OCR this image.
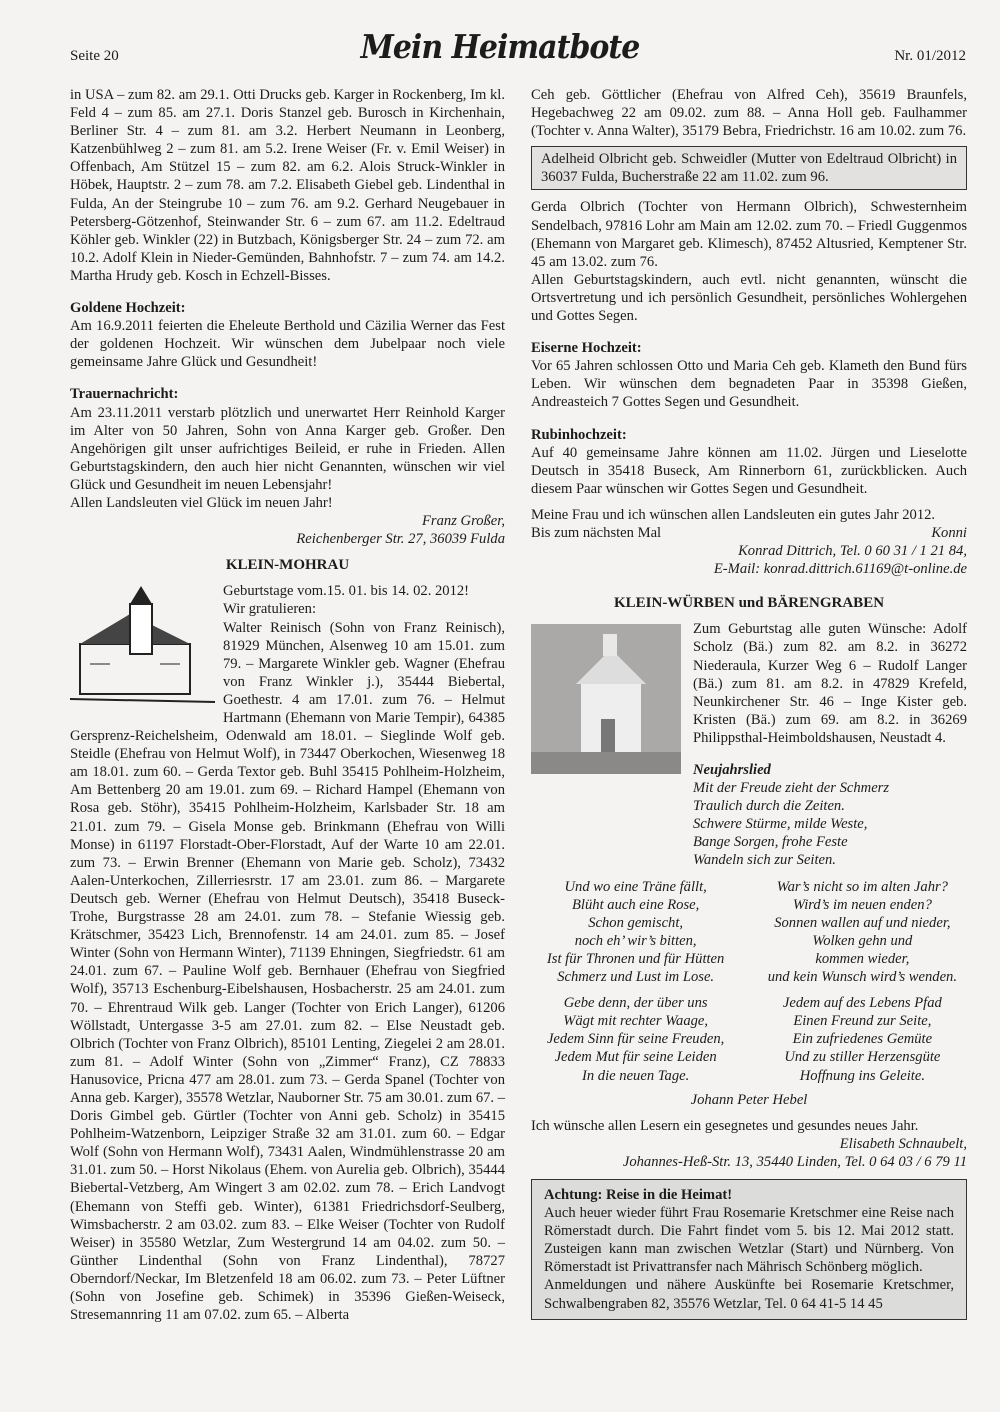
Seite 20	Mein Heimatbote	Nr. 01/2012

in USA – zum 82. am 29.1. Otti Drucks geb. Karger in Rockenberg, Im kl. Feld 4 – zum 85. am 27.1. Doris Stanzel geb. Burosch in Kirchenhain, Berliner Str. 4 – zum 81. am 3.2. Herbert Neumann in Leonberg, Katzenbühlweg 2 – zum 81. am 5.2. Irene Weiser (Fr. v. Emil Weiser) in Offenbach, Am Stützel 15 – zum 82. am 6.2. Alois Struck-Winkler in Höbek, Hauptstr. 2 – zum 78. am 7.2. Elisabeth Giebel geb. Lindenthal in Fulda, An der Steingrube 10 – zum 76. am 9.2. Gerhard Neugebauer in Petersberg-Götzenhof, Steinwander Str. 6 – zum 67. am 11.2. Edeltraud Köhler geb. Winkler (22) in Butzbach, Königsberger Str. 24 – zum 72. am 10.2. Adolf Klein in Nieder-Gemünden, Bahnhofstr. 7 – zum 74. am 14.2. Martha Hrudy geb. Kosch in Echzell-Bisses.

Goldene Hochzeit:

Am 16.9.2011 feierten die Eheleute Berthold und Cäzilia Werner das Fest der goldenen Hochzeit. Wir wünschen dem Jubelpaar noch viele gemeinsame Jahre Glück und Gesundheit!

Trauernachricht:

Am 23.11.2011 verstarb plötzlich und unerwartet Herr Reinhold Karger im Alter von 50 Jahren, Sohn von Anna Karger geb. Großer. Den Angehörigen gilt unser aufrichtiges Beileid, er ruhe in Frieden. Allen Geburtstagskindern, den auch hier nicht Genannten, wünschen wir viel Glück und Gesundheit im neuen Lebensjahr!

Allen Landsleuten viel Glück im neuen Jahr!

Franz Großer,

Reichenberger Str. 27, 36039 Fulda

KLEIN-MOHRAU

Geburtstage vom.15. 01. bis 14. 02. 2012!

Wir gratulieren:

Walter Reinisch (Sohn von Franz Reinisch), 81929 München, Alsenweg 10 am 15.01. zum 79. – Margarete Winkler geb. Wagner (Ehefrau von Franz Winkler j.), 35444 Biebertal, Goethestr. 4 am 17.01. zum 76. – Helmut Hartmann (Ehemann von Marie Tempir), 64385 Gersprenz-Reichelsheim, Odenwald am 18.01. – Sieglinde Wolf geb. Steidle (Ehefrau von Helmut Wolf), in 73447 Oberkochen, Wiesenweg 18 am 18.01. zum 60. – Gerda Textor geb. Buhl 35415 Pohlheim-Holzheim, Am Bettenberg 20 am 19.01. zum 69. – Richard Hampel (Ehemann von Rosa geb. Stöhr), 35415 Pohlheim-Holzheim, Karlsbader Str. 18 am 21.01. zum 79. – Gisela Monse geb. Brinkmann (Ehefrau von Willi Monse) in 61197 Florstadt-Ober-Florstadt, Auf der Warte 10 am 22.01. zum 73. – Erwin Brenner (Ehemann von Marie geb. Scholz), 73432 Aalen-Unterkochen, Zillerriesrstr. 17 am 23.01. zum 86. – Margarete Deutsch geb. Werner (Ehefrau von Helmut Deutsch), 35418 Buseck-Trohe, Burgstrasse 28 am 24.01. zum 78. – Stefanie Wiessig geb. Krätschmer, 35423 Lich, Brennofenstr. 14 am 24.01. zum 85. – Josef Winter (Sohn von Hermann Winter), 71139 Ehningen, Siegfriedstr. 61 am 24.01. zum 67. – Pauline Wolf geb. Bernhauer (Ehefrau von Siegfried Wolf), 35713 Eschenburg-Eibelshausen, Hosbacherstr. 25 am 24.01. zum 70. – Ehrentraud Wilk geb. Langer (Tochter von Erich Langer), 61206 Wöllstadt, Untergasse 3-5 am 27.01. zum 82. – Else Neustadt geb. Olbrich (Tochter von Franz Olbrich), 85101 Lenting, Ziegelei 2 am 28.01. zum 81. – Adolf Winter (Sohn von „Zimmer“ Franz), CZ 78833 Hanusovice, Pricna 477 am 28.01. zum 73. – Gerda Spanel (Tochter von Anna geb. Karger), 35578 Wetzlar, Nauborner Str. 75 am 30.01. zum 67. – Doris Gimbel geb. Gürtler (Tochter von Anni geb. Scholz) in 35415 Pohlheim-Watzenborn, Leipziger Straße 32 am 31.01. zum 60. – Edgar Wolf (Sohn von Hermann Wolf), 73431 Aalen, Windmühlenstrasse 20 am 31.01. zum 50. – Horst Nikolaus (Ehem. von Aurelia geb. Olbrich), 35444 Biebertal-Vetzberg, Am Wingert 3 am 02.02. zum 78. – Erich Landvogt (Ehemann von Steffi geb. Winter), 61381 Friedrichsdorf-Seulberg, Wimsbacherstr. 2 am 03.02. zum 83. – Elke Weiser (Tochter von Rudolf Weiser) in 35580 Wetzlar, Zum Westergrund 14 am 04.02. zum 50. – Günther Lindenthal (Sohn von Franz Lindenthal), 78727 Oberndorf/Neckar, Im Bletzenfeld 18 am 06.02. zum 73. – Peter Lüftner (Sohn von Josefine geb. Schimek) in 35396 Gießen-Weiseck, Stresemannring 11 am 07.02. zum 65. – Alberta

Ceh geb. Göttlicher (Ehefrau von Alfred Ceh), 35619 Braunfels, Hegebachweg 22 am 09.02. zum 88. – Anna Holl geb. Faulhammer (Tochter v. Anna Walter), 35179 Bebra, Friedrichstr. 16 am 10.02. zum 76.

Adelheid Olbricht geb. Schweidler (Mutter von Edeltraud Olbricht) in 36037 Fulda, Bucherstraße 22 am 11.02. zum 96.

Gerda Olbrich (Tochter von Hermann Olbrich), Schwesternheim Sendelbach, 97816 Lohr am Main am 12.02. zum 70. – Friedl Guggenmos (Ehemann von Margaret geb. Klimesch), 87452 Altusried, Kemptener Str. 45 am 13.02. zum 76.

Allen Geburtstagskindern, auch evtl. nicht genannten, wünscht die Ortsvertretung und ich persönlich Gesundheit, persönliches Wohlergehen und Gottes Segen.

Eiserne Hochzeit:

Vor 65 Jahren schlossen Otto und Maria Ceh geb. Klameth den Bund fürs Leben. Wir wünschen dem begnadeten Paar in 35398 Gießen, Andreasteich 7 Gottes Segen und Gesundheit.

Rubinhochzeit:

Auf 40 gemeinsame Jahre können am 11.02. Jürgen und Lieselotte Deutsch in 35418 Buseck, Am Rinnerborn 61, zurückblicken. Auch diesem Paar wünschen wir Gottes Segen und Gesundheit.

Meine Frau und ich wünschen allen Landsleuten ein gutes Jahr 2012.

Bis zum nächsten Mal	Konni

Konrad Dittrich, Tel. 0 60 31 / 1 21 84,

E-Mail: konrad.dittrich.61169@t-online.de

KLEIN-WÜRBEN und BÄRENGRABEN

Zum Geburtstag alle guten Wünsche: Adolf Scholz (Bä.) zum 82. am 8.2. in 36272 Niederaula, Kurzer Weg 6 – Rudolf Langer (Bä.) zum 81. am 8.2. in 47829 Krefeld, Neunkirchener Str. 46 – Inge Kister geb. Kristen (Bä.) zum 69. am 8.2. in 36269 Philippsthal-Heimboldshausen, Neustadt 4.

Neujahrslied

Mit der Freude zieht der Schmerz

Traulich durch die Zeiten.

Schwere Stürme, milde Weste,

Bange Sorgen, frohe Feste

Wandeln sich zur Seiten.

Und wo eine Träne fällt,

Blüht auch eine Rose,

Schon gemischt,

noch eh’ wir’s bitten,

Ist für Thronen und für Hütten

Schmerz und Lust im Lose.

War’s nicht so im alten Jahr?

Wird’s im neuen enden?

Sonnen wallen auf und nieder,

Wolken gehn und

kommen wieder,

und kein Wunsch wird’s wenden.

Gebe denn, der über uns

Wägt mit rechter Waage,

Jedem Sinn für seine Freuden,

Jedem Mut für seine Leiden

In die neuen Tage.

Jedem auf des Lebens Pfad

Einen Freund zur Seite,

Ein zufriedenes Gemüte

Und zu stiller Herzensgüte

Hoffnung ins Geleite.

Johann Peter Hebel

Ich wünsche allen Lesern ein gesegnetes und gesundes neues Jahr.

Elisabeth Schnaubelt,

Johannes-Heß-Str. 13, 35440 Linden, Tel. 0 64 03 / 6 79 11

Achtung: Reise in die Heimat!

Auch heuer wieder führt Frau Rosemarie Kretschmer eine Reise nach Römerstadt durch. Die Fahrt findet vom 5. bis 12. Mai 2012 statt. Zusteigen kann man zwischen Wetzlar (Start) und Nürnberg. Von Römerstadt ist Privattransfer nach Mährisch Schönberg möglich.

Anmeldungen und nähere Auskünfte bei Rosemarie Kretschmer, Schwalbengraben 82, 35576 Wetzlar, Tel. 0 64 41-5 14 45
